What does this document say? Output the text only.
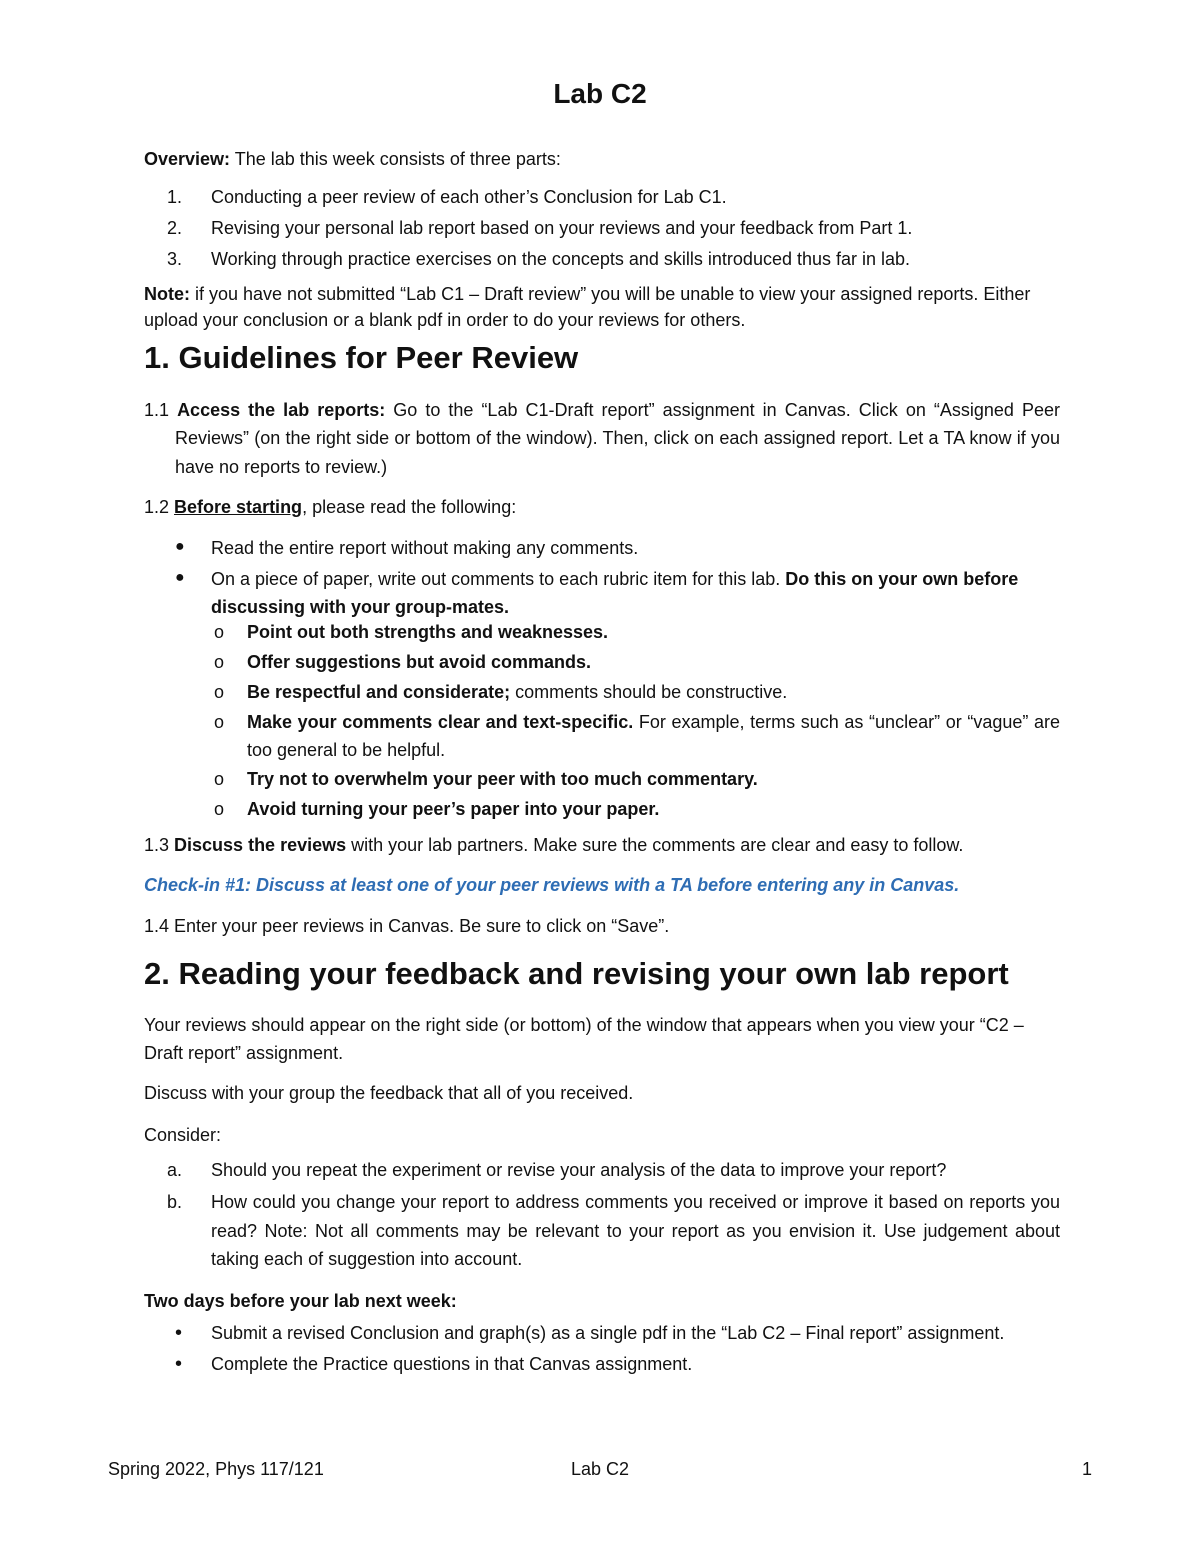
Lab C2

Overview: The lab this week consists of three parts:

1. Conducting a peer review of each other’s Conclusion for Lab C1.
2. Revising your personal lab report based on your reviews and your feedback from Part 1.
3. Working through practice exercises on the concepts and skills introduced thus far in lab.

Note: if you have not submitted “Lab C1 – Draft review” you will be unable to view your assigned reports. Either upload your conclusion or a blank pdf in order to do your reviews for others.

1. Guidelines for Peer Review

1.1 Access the lab reports: Go to the “Lab C1-Draft report” assignment in Canvas. Click on “Assigned Peer Reviews” (on the right side or bottom of the window). Then, click on each assigned report. Let a TA know if you have no reports to review.)

1.2 Before starting, please read the following:

● Read the entire report without making any comments.
● On a piece of paper, write out comments to each rubric item for this lab. Do this on your own before discussing with your group-mates.
o Point out both strengths and weaknesses.
o Offer suggestions but avoid commands.
o Be respectful and considerate; comments should be constructive.
o Make your comments clear and text-specific. For example, terms such as “unclear” or “vague” are too general to be helpful.
o Try not to overwhelm your peer with too much commentary.
o Avoid turning your peer’s paper into your paper.

1.3 Discuss the reviews with your lab partners. Make sure the comments are clear and easy to follow.

Check-in #1: Discuss at least one of your peer reviews with a TA before entering any in Canvas.

1.4 Enter your peer reviews in Canvas. Be sure to click on “Save”.

2. Reading your feedback and revising your own lab report

Your reviews should appear on the right side (or bottom) of the window that appears when you view your “C2 – Draft report” assignment.

Discuss with your group the feedback that all of you received.

Consider:

a. Should you repeat the experiment or revise your analysis of the data to improve your report?
b. How could you change your report to address comments you received or improve it based on reports you read? Note: Not all comments may be relevant to your report as you envision it. Use judgement about taking each of suggestion into account.

Two days before your lab next week:

• Submit a revised Conclusion and graph(s) as a single pdf in the “Lab C2 – Final report” assignment.
• Complete the Practice questions in that Canvas assignment.
Spring 2022, Phys 117/121	Lab C2	1
